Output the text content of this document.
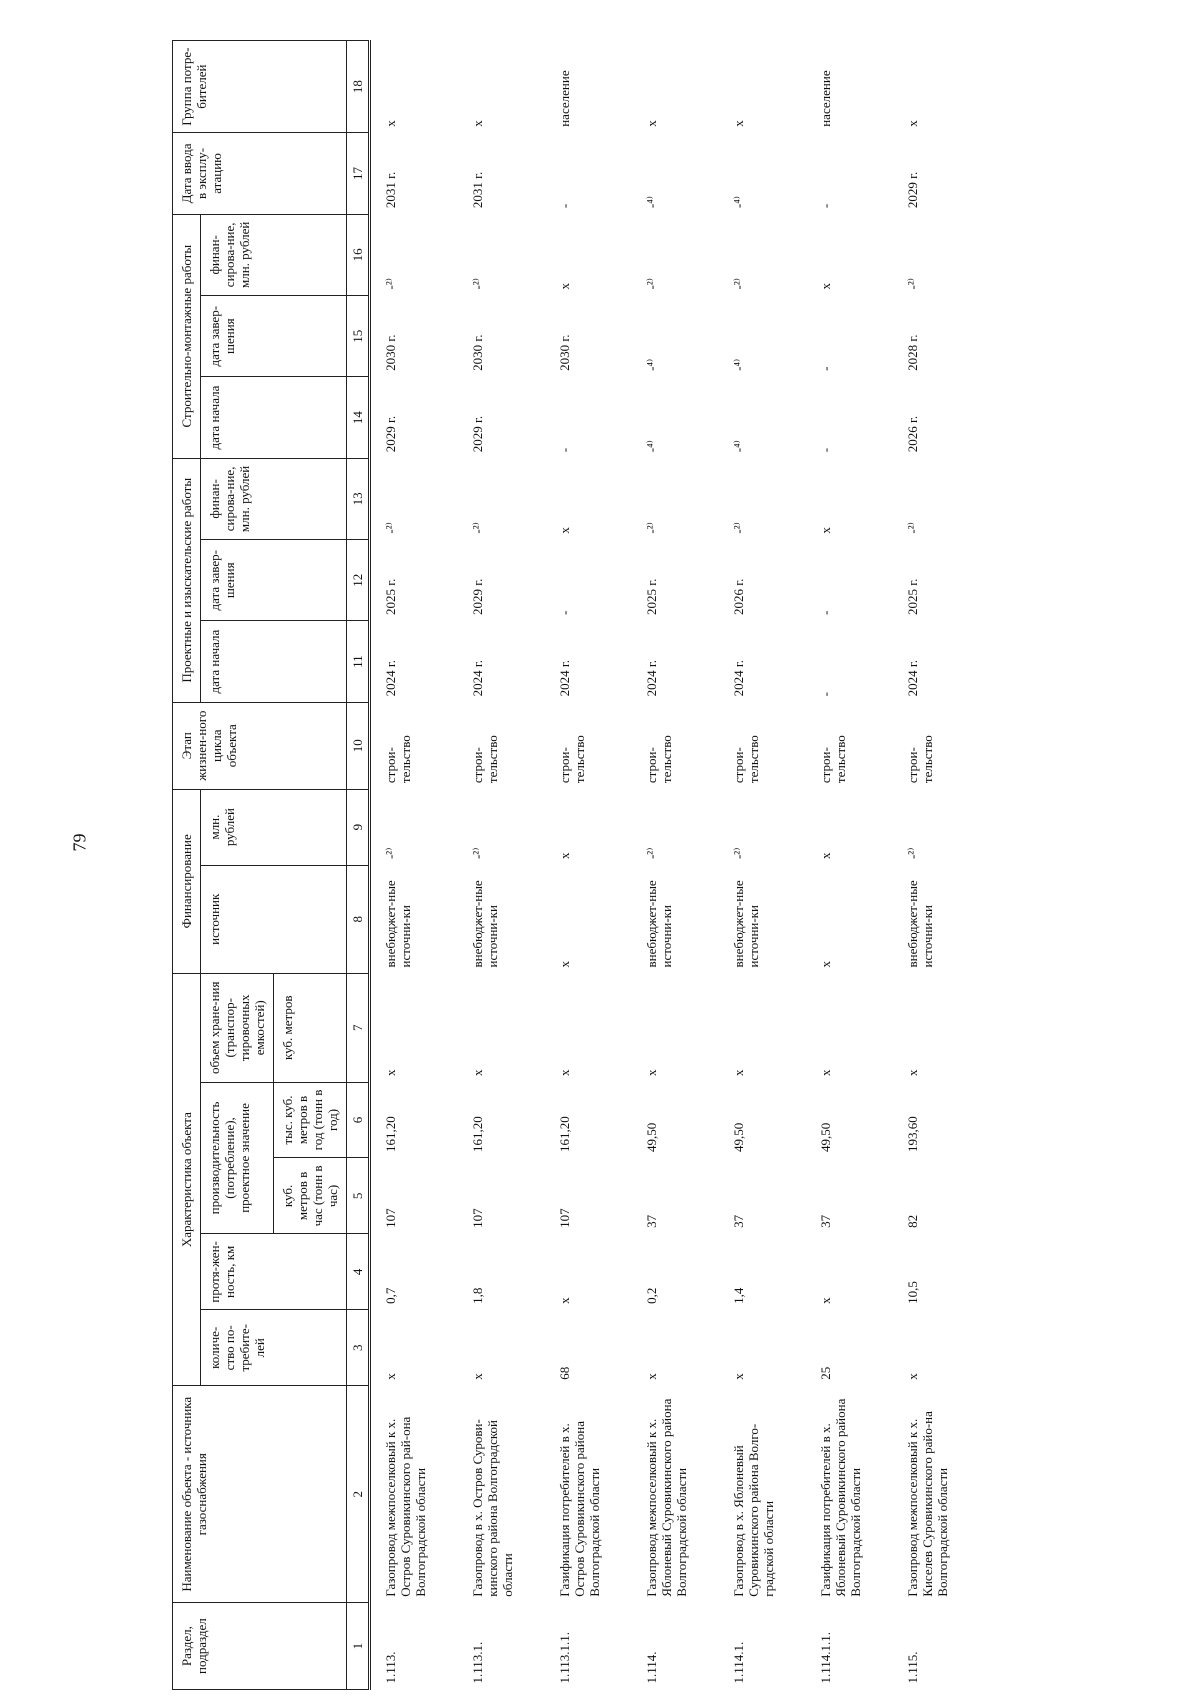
79
Раздел, подраздел	Наименование объекта - источника газоснабжения	Характеристика объекта					Финансирование		Этап жизнен-ного цикла объекта	Проектные и изыскательские работы			Строительно-монтажные работы			Дата ввода в эксплу-атацию	Группа потре-бителей
		количе-ство по-требите-лей	протя-жен-ность, км	производительность (потребление), проектное значение		объем хране-ния (транспор-тировочных емкостей)	источник	млн. рублей		дата начала	дата завер-шения	финан-сирова-ние, млн. рублей	дата начала	дата завер-шения	финан-сирова-ние, млн. рублей		
				куб. метров в час (тонн в час)	тыс. куб. метров в год (тонн в год)	куб. метров											
1	2	3	4	5	6	7	8	9	10	11	12	13	14	15	16	17	18
1.113.	Газопровод межпоселковый к х. Остров Суровикинского рай-она Волгоградской области	х	0,7	107	161,20	х	внебюджет-ные источни-ки	-²⁾	строи-тельство	2024 г.	2025 г.	-²⁾	2029 г.	2030 г.	-²⁾	2031 г.	х
1.113.1.	Газопровод в х. Остров Сурови-кинского района Волгоградской области	х	1,8	107	161,20	х	внебюджет-ные источни-ки	-²⁾	строи-тельство	2024 г.	2029 г.	-²⁾	2029 г.	2030 г.	-²⁾	2031 г.	х
1.113.1.1.	Газификация потребителей в х. Остров Суровикинского района Волгоградской области	68	х	107	161,20	х	х	х	строи-тельство	2024 г.	-	х	-	2030 г.	х	-	население
1.114.	Газопровод межпоселковый к х. Яблоневый Суровикинского района Волгоградской области	х	0,2	37	49,50	х	внебюджет-ные источни-ки	-²⁾	строи-тельство	2024 г.	2025 г.	-²⁾	-⁴⁾	-⁴⁾	-²⁾	-⁴⁾	х
1.114.1.	Газопровод в х. Яблоневый Суровикинского района Волго-градской области	х	1,4	37	49,50	х	внебюджет-ные источни-ки	-²⁾	строи-тельство	2024 г.	2026 г.	-²⁾	-⁴⁾	-⁴⁾	-²⁾	-⁴⁾	х
1.114.1.1.	Газификация потребителей в х. Яблоневый Суровикинского района Волгоградской области	25	х	37	49,50	х	х	х	строи-тельство	-	-	х	-	-	х	-	население
1.115.	Газопровод межпоселковый к х. Киселев Суровикинского райо-на Волгоградской области	х	10,5	82	193,60	х	внебюджет-ные источни-ки	-²⁾	строи-тельство	2024 г.	2025 г.	-²⁾	2026 г.	2028 г.	-²⁾	2029 г.	х
